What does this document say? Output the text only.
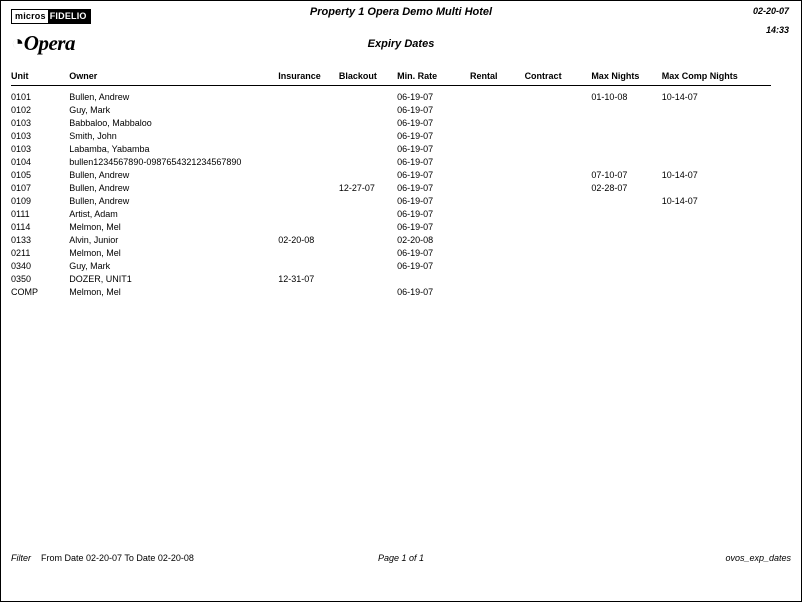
micros FIDELIO
◔Opera
Property 1 Opera Demo Multi Hotel	02-20-07
14:33
Expiry Dates
Unit	Owner	Insurance	Blackout	Min. Rate	Rental	Contract	Max Nights	Max Comp Nights

0101	Bullen, Andrew			06-19-07			01-10-08	10-14-07
0102	Guy, Mark			06-19-07				
0103	Babbaloo, Mabbaloo			06-19-07				
0103	Smith, John			06-19-07				
0103	Labamba, Yabamba			06-19-07				
0104	bullen1234567890-0987654321234567890			06-19-07				
0105	Bullen, Andrew			06-19-07			07-10-07	10-14-07
0107	Bullen, Andrew		12-27-07	06-19-07			02-28-07	
0109	Bullen, Andrew			06-19-07				10-14-07
0111	Artist, Adam			06-19-07				
0114	Melmon, Mel			06-19-07				
0133	Alvin, Junior	02-20-08		02-20-08				
0211	Melmon, Mel			06-19-07				
0340	Guy, Mark			06-19-07				
0350	DOZER, UNIT1	12-31-07						
COMP	Melmon, Mel			06-19-07				
Filter From Date 02-20-07 To Date 02-20-08	Page 1 of 1	ovos_exp_dates
